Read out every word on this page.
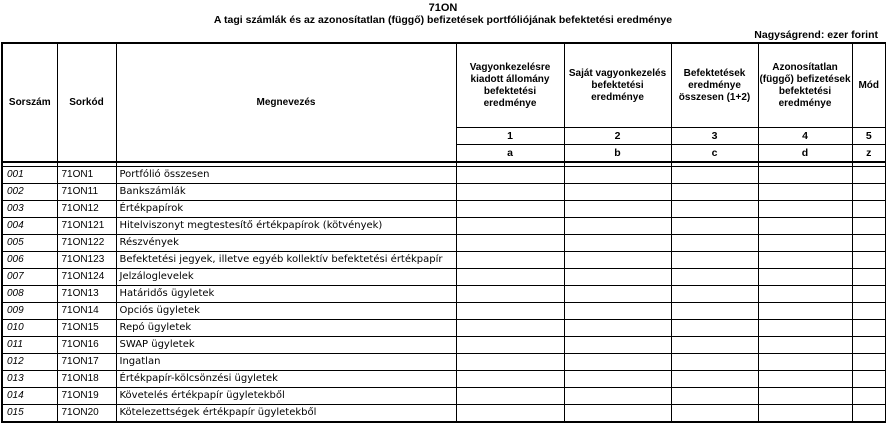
71ON
A tagi számlák és az azonosítatlan (függő) befizetések portfóliójának befektetési eredménye
Nagyságrend: ezer forint
Sorszám	Sorkód	Megnevezés	Vagyonkezelésre kiadott állomány befektetési eredménye	Saját vagyonkezelés befektetési eredménye	Befektetések eredménye összesen (1+2)	Azonosítatlan (függő) befizetések befektetési eredménye	Mód
			1	2	3	4	5
			a	b	c	d	z

001	71ON1	Portfólió összesen					
002	71ON11	Bankszámlák					
003	71ON12	Értékpapírok					
004	71ON121	Hitelviszonyt megtestesítő értékpapírok (kötvények)					
005	71ON122	Részvények					
006	71ON123	Befektetési jegyek, illetve egyéb kollektív befektetési értékpapír					
007	71ON124	Jelzáloglevelek					
008	71ON13	Határidős ügyletek					
009	71ON14	Opciós ügyletek					
010	71ON15	Repó ügyletek					
011	71ON16	SWAP ügyletek					
012	71ON17	Ingatlan					
013	71ON18	Értékpapír-kölcsönzési ügyletek					
014	71ON19	Követelés értékpapír ügyletekből					
015	71ON20	Kötelezettségek értékpapír ügyletekből					
